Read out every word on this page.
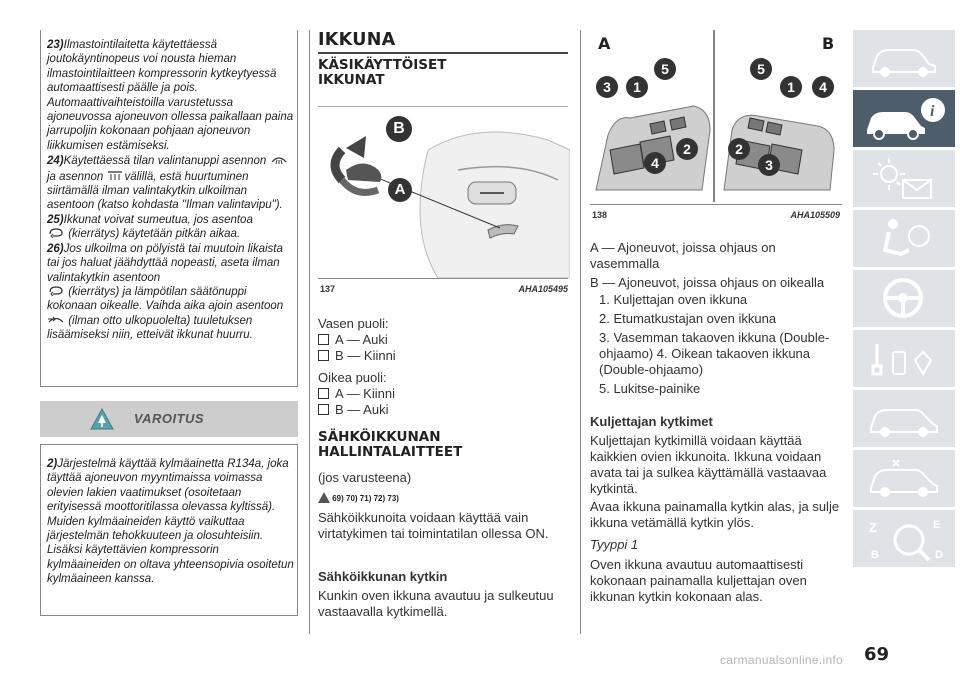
23)Ilmastointilaitetta käytettäessä joutokäyntinopeus voi nousta hieman ilmastointilaitteen kompressorin kytkeytyessä automaattisesti päälle ja pois. Automaattivaihteistoilla varustetussa ajoneuvossa ajoneuvon ollessa paikallaan paina jarrupoljin kokonaan pohjaan ajoneuvon liikkumisen estämiseksi.

24)Käytettäessä tilan valintanuppi asennon ja asennon välillä, estä huurtuminen siirtämällä ilman valintakytkin ulkoilman asentoon (katso kohdasta "Ilman valintavipu").

25)Ikkunat voivat sumeutua, jos asentoa
(kierrätys) käytetään pitkän aikaa.

26)Jos ulkoilma on pölyistä tai muutoin likaista tai jos haluat jäähdyttää nopeasti, aseta ilman valintakytkin asentoon
(kierrätys) ja lämpötilan säätönuppi kokonaan oikealle. Vaihda aika ajoin asentoon  (ilman otto ulkopuolelta) tuuletuksen lisäämiseksi niin, etteivät ikkunat huurru.

VAROITUS

2)Järjestelmä käyttää kylmäainetta R134a, joka täyttää ajoneuvon myyntimaissa voimassa olevien lakien vaatimukset (osoitetaan erityisessä moottoritilassa olevassa kyltissä). Muiden kylmäaineiden käyttö vaikuttaa järjestelmän tehokkuuteen ja olosuhteisiin. Lisäksi käytettävien kompressorin kylmäaineiden on oltava yhteensopivia osoitetun kylmäaineen kanssa.

IKKUNA
KÄSIKÄYTTÖISET
IKKUNAT
B
A
137	AHA105495
Vasen puoli:
A — Auki
B — Kiinni
Oikea puoli:
A — Kiinni
B — Auki
SÄHKÖIKKUNAN
HALLINTALAITTEET
(jos varusteena)
69) 70) 71) 72) 73)
Sähköikkunoita voidaan käyttää vain virtatykimen tai toimintatilan ollessa ON.
Sähköikkunan kytkin
Kunkin oven ikkuna avautuu ja sulkeutuu vastaavalla kytkimellä.
A	B
3	1
5
4
2
5
1	4
2
3
138	AHA105509
A — Ajoneuvot, joissa ohjaus on vasemmalla
B — Ajoneuvot, joissa ohjaus on oikealla
1. Kuljettajan oven ikkuna
2. Etumatkustajan oven ikkuna
3. Vasemman takaoven ikkuna (Double-ohjaamo) 4. Oikean takaoven ikkuna (Double-ohjaamo)
5. Lukitse-painike
Kuljettajan kytkimet
Kuljettajan kytkimillä voidaan käyttää kaikkien ovien ikkunoita. Ikkuna voidaan avata tai ja sulkea käyttämällä vastaavaa kytkintä.
Avaa ikkuna painamalla kytkin alas, ja sulje ikkuna vetämällä kytkin ylös.
Tyyppi 1
Oven ikkuna avautuu automaattisesti kokonaan painamalla kuljettajan oven ikkunan kytkin kokonaan alas.
i
Z	E
B	D
69
carmanualsonline.info
